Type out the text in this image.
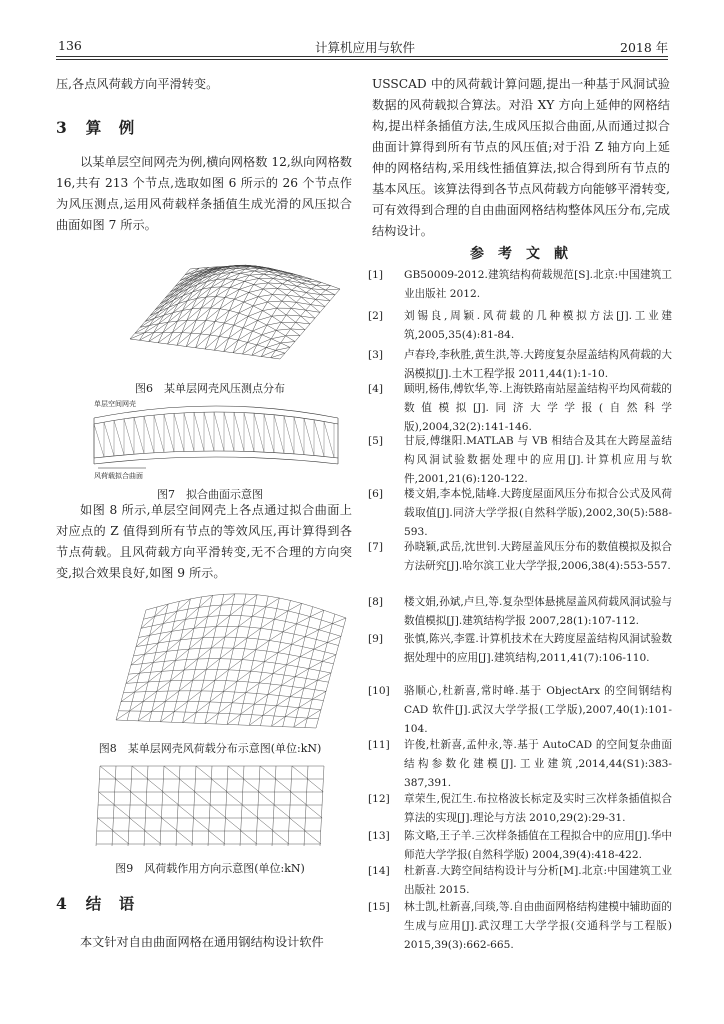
136	计算机应用与软件	2018 年

压,各点风荷载方向平滑转变。

3 算　例

以某单层空间网壳为例,横向网格数 12,纵向网格数 16,共有 213 个节点,选取如图 6 所示的 26 个节点作为风压测点,运用风荷载样条插值生成光滑的风压拟合曲面如图 7 所示。

图6　某单层网壳风压测点分布
单层空间网壳
风荷载拟合曲面
图7　拟合曲面示意图

如图 8 所示,单层空间网壳上各点通过拟合曲面上对应点的 Z 值得到所有节点的等效风压,再计算得到各节点荷载。且风荷载方向平滑转变,无不合理的方向突变,拟合效果良好,如图 9 所示。

图8　某单层网壳风荷载分布示意图(单位:kN)
图9　风荷载作用方向示意图(单位:kN)
4 结　语

本文针对自由曲面网格在通用钢结构设计软件

USSCAD 中的风荷载计算问题,提出一种基于风洞试验数据的风荷载拟合算法。对沿 XY 方向上延伸的网格结构,提出样条插值方法,生成风压拟合曲面,从而通过拟合曲面计算得到所有节点的风压值;对于沿 Z 轴方向上延伸的网格结构,采用线性插值算法,拟合得到所有节点的基本风压。该算法得到各节点风荷载方向能够平滑转变,可有效得到合理的自由曲面网格结构整体风压分布,完成结构设计。

参考文献
[1]	GB50009-2012.建筑结构荷载规范[S].北京:中国建筑工业出版社 2012.
[2]	刘锡良,周颖.风荷载的几种模拟方法[J].工业建筑,2005,35(4):81-84.
[3]	卢春玲,李秋胜,黄生洪,等.大跨度复杂屋盖结构风荷载的大涡模拟[J].土木工程学报 2011,44(1):1-10.
[4]	顾明,杨伟,傅钦华,等.上海铁路南站屋盖结构平均风荷载的数值模拟[J].同济大学学报(自然科学版),2004,32(2):141-146.
[5]	甘辰,傅继阳.MATLAB 与 VB 相结合及其在大跨屋盖结构风洞试验数据处理中的应用[J].计算机应用与软件,2001,21(6):120-122.
[6]	楼文娟,李本悦,陆峰.大跨度屋面风压分布拟合公式及风荷载取值[J].同济大学学报(自然科学版),2002,30(5):588-593.
[7]	孙晓颖,武岳,沈世钊.大跨屋盖风压分布的数值模拟及拟合方法研究[J].哈尔滨工业大学学报,2006,38(4):553-557.
[8]	楼文娟,孙斌,卢旦,等.复杂型体悬挑屋盖风荷载风洞试验与数值模拟[J].建筑结构学报 2007,28(1):107-112.
[9]	张慎,陈兴,李霆.计算机技术在大跨度屋盖结构风洞试验数据处理中的应用[J].建筑结构,2011,41(7):106-110.
[10]	骆顺心,杜新喜,常时峰.基于 ObjectArx 的空间钢结构CAD 软件[J].武汉大学学报(工学版),2007,40(1):101-104.
[11]	许俊,杜新喜,孟仲永,等.基于 AutoCAD 的空间复杂曲面结构参数化建模[J].工业建筑,2014,44(S1):383-387,391.
[12]	章荣生,倪江生.布拉格波长标定及实时三次样条插值拟合算法的实现[J].理论与方法 2010,29(2):29-31.
[13]	陈文略,王子羊.三次样条插值在工程拟合中的应用[J].华中师范大学学报(自然科学版) 2004,39(4):418-422.
[14]	杜新喜.大跨空间结构设计与分析[M].北京:中国建筑工业出版社 2015.
[15]	林士凯,杜新喜,闫琰,等.自由曲面网格结构建模中辅助面的生成与应用[J].武汉理工大学学报(交通科学与工程版) 2015,39(3):662-665.
